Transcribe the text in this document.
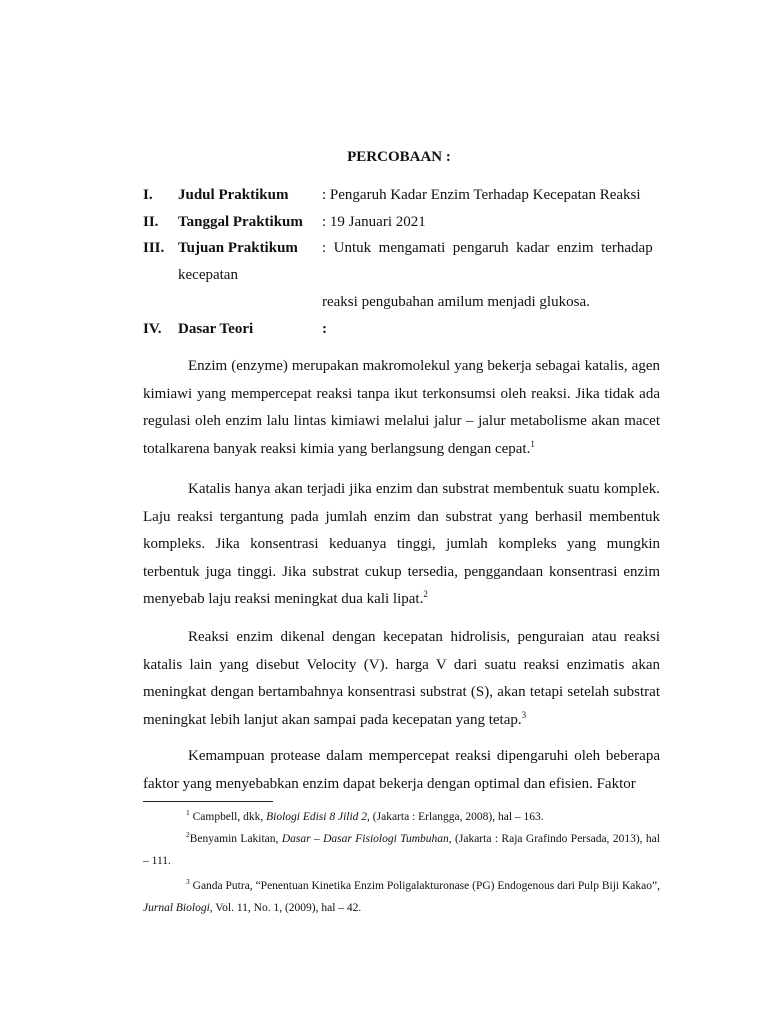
PERCOBAAN :
I. Judul Praktikum : Pengaruh Kadar Enzim Terhadap Kecepatan Reaksi
II. Tanggal Praktikum : 19 Januari 2021
III. Tujuan Praktikum :  Untuk  mengamati  pengaruh  kadar  enzim  terhadap
kecepatan
reaksi pengubahan amilum menjadi glukosa.
IV. Dasar Teori	:

Enzim (enzyme) merupakan makromolekul yang bekerja sebagai katalis, agen kimiawi yang mempercepat reaksi tanpa ikut terkonsumsi oleh reaksi. Jika tidak ada regulasi oleh enzim lalu lintas kimiawi melalui jalur – jalur metabolisme akan macet totalkarena banyak reaksi kimia yang berlangsung dengan cepat.$^1$

Katalis hanya akan terjadi jika enzim dan substrat membentuk suatu komplek. Laju reaksi tergantung pada jumlah enzim dan substrat yang berhasil membentuk kompleks. Jika konsentrasi keduanya tinggi, jumlah kompleks yang mungkin terbentuk juga tinggi. Jika substrat cukup tersedia, penggandaan konsentrasi enzim menyebab laju reaksi meningkat dua kali lipat.$^2$

Reaksi enzim dikenal dengan kecepatan hidrolisis, penguraian atau reaksi katalis lain yang disebut Velocity (V). harga V dari suatu reaksi enzimatis akan meningkat dengan bertambahnya konsentrasi substrat (S), akan tetapi setelah substrat meningkat lebih lanjut akan sampai pada kecepatan yang tetap.$^3$

Kemampuan protease dalam mempercepat reaksi dipengaruhi oleh beberapa faktor yang menyebabkan enzim dapat bekerja dengan optimal dan efisien. Faktor

$^1$ Campbell, dkk, Biologi Edisi 8 Jilid 2, (Jakarta : Erlangga, 2008), hal – 163.

$^2$Benyamin Lakitan, Dasar – Dasar Fisiologi Tumbuhan, (Jakarta : Raja Grafindo Persada, 2013), hal – 111.

$^3$ Ganda Putra, “Penentuan Kinetika Enzim Poligalakturonase (PG) Endogenous dari Pulp Biji Kakao”, Jurnal Biologi, Vol. 11, No. 1, (2009), hal – 42.
